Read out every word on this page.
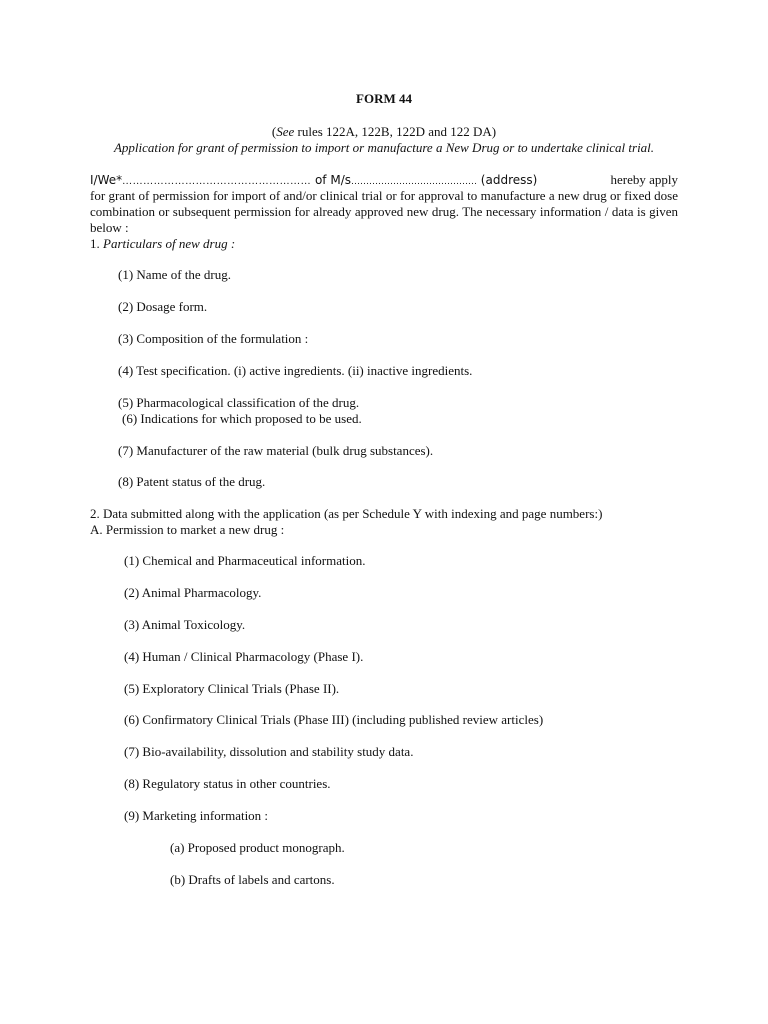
FORM 44
(See rules 122A, 122B, 122D and 122 DA)
Application for grant of permission to import or manufacture a New Drug or to undertake clinical trial.
I/We*……………………………………………… of M/s…………………………………… (address)	hereby apply
for grant of permission for import of and/or clinical trial or for approval to manufacture a new drug or fixed dose combination or subsequent permission for already approved new drug. The necessary information / data is given below :
1. Particulars of new drug :
(1) Name of the drug.
(2) Dosage form.
(3) Composition of the formulation :
(4) Test specification. (i) active ingredients. (ii) inactive ingredients.
(5) Pharmacological classification of the drug.
(6) Indications for which proposed to be used.
(7) Manufacturer of the raw material (bulk drug substances).
(8) Patent status of the drug.
2. Data submitted along with the application (as per Schedule Y with indexing and page numbers:)
A. Permission to market a new drug :
(1) Chemical and Pharmaceutical information.
(2) Animal Pharmacology.
(3) Animal Toxicology.
(4) Human / Clinical Pharmacology (Phase I).
(5) Exploratory Clinical Trials (Phase II).
(6) Confirmatory Clinical Trials (Phase III) (including published review articles)
(7) Bio-availability, dissolution and stability study data.
(8) Regulatory status in other countries.
(9) Marketing information :
(a) Proposed product monograph.
(b) Drafts of labels and cartons.
